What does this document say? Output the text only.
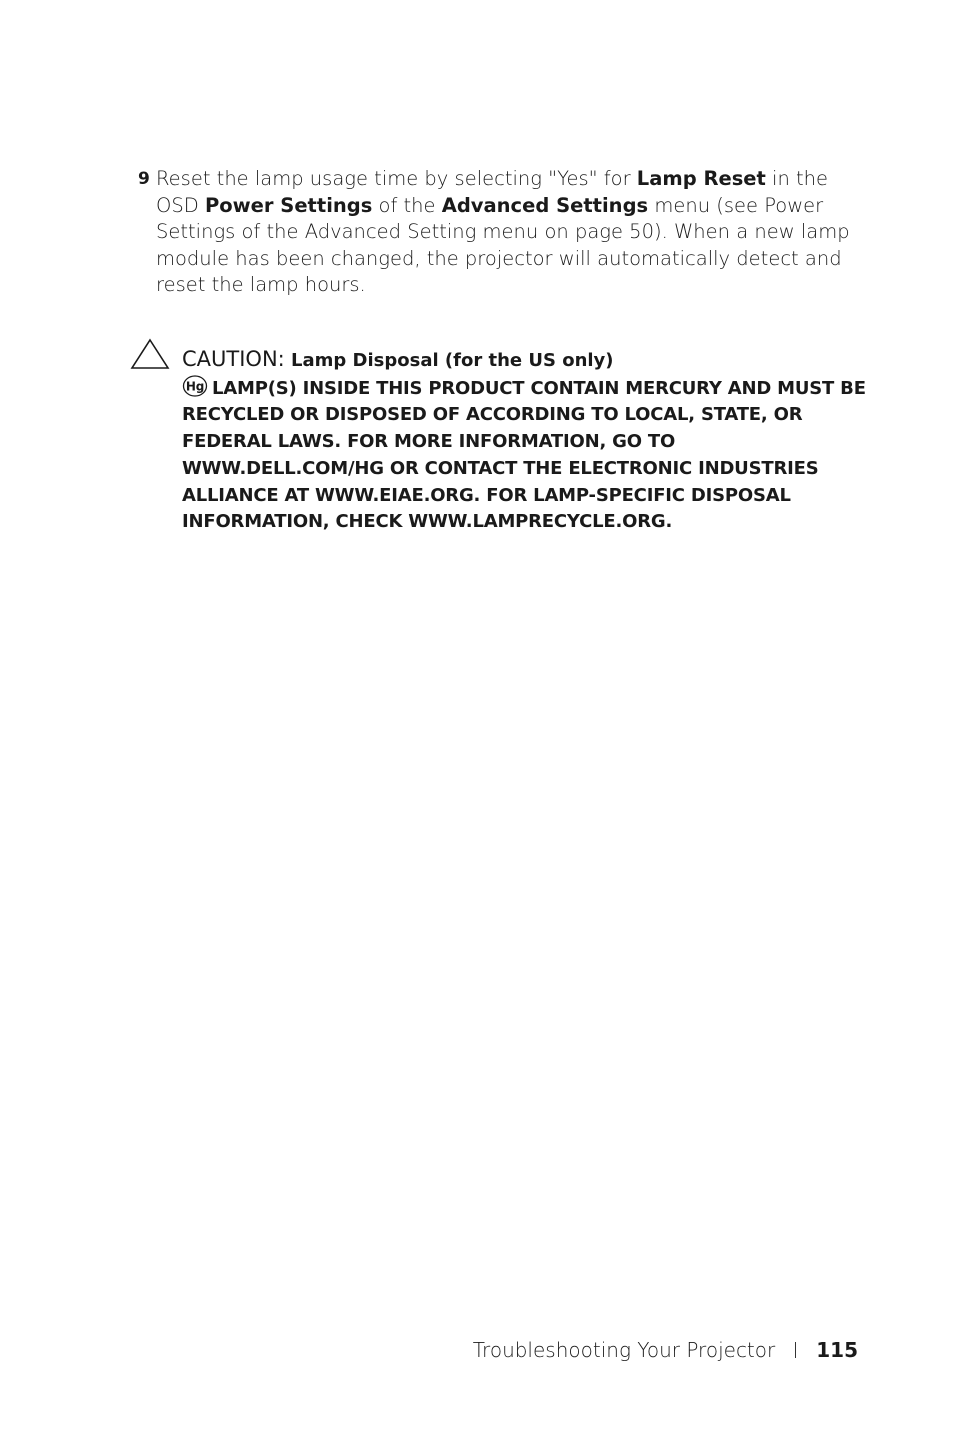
9 Reset the lamp usage time by selecting "Yes" for Lamp Reset in the OSD Power Settings of the Advanced Settings menu (see Power Settings of the Advanced Setting menu on page 50). When a new lamp module has been changed, the projector will automatically detect and reset the lamp hours.
CAUTION: Lamp Disposal (for the US only)
Hg LAMP(S) INSIDE THIS PRODUCT CONTAIN MERCURY AND MUST BE RECYCLED OR DISPOSED OF ACCORDING TO LOCAL, STATE, OR FEDERAL LAWS. FOR MORE INFORMATION, GO TO WWW.DELL.COM/HG OR CONTACT THE ELECTRONIC INDUSTRIES ALLIANCE AT WWW.EIAE.ORG. FOR LAMP-SPECIFIC DISPOSAL INFORMATION, CHECK WWW.LAMPRECYCLE.ORG.
Troubleshooting Your Projector 115
